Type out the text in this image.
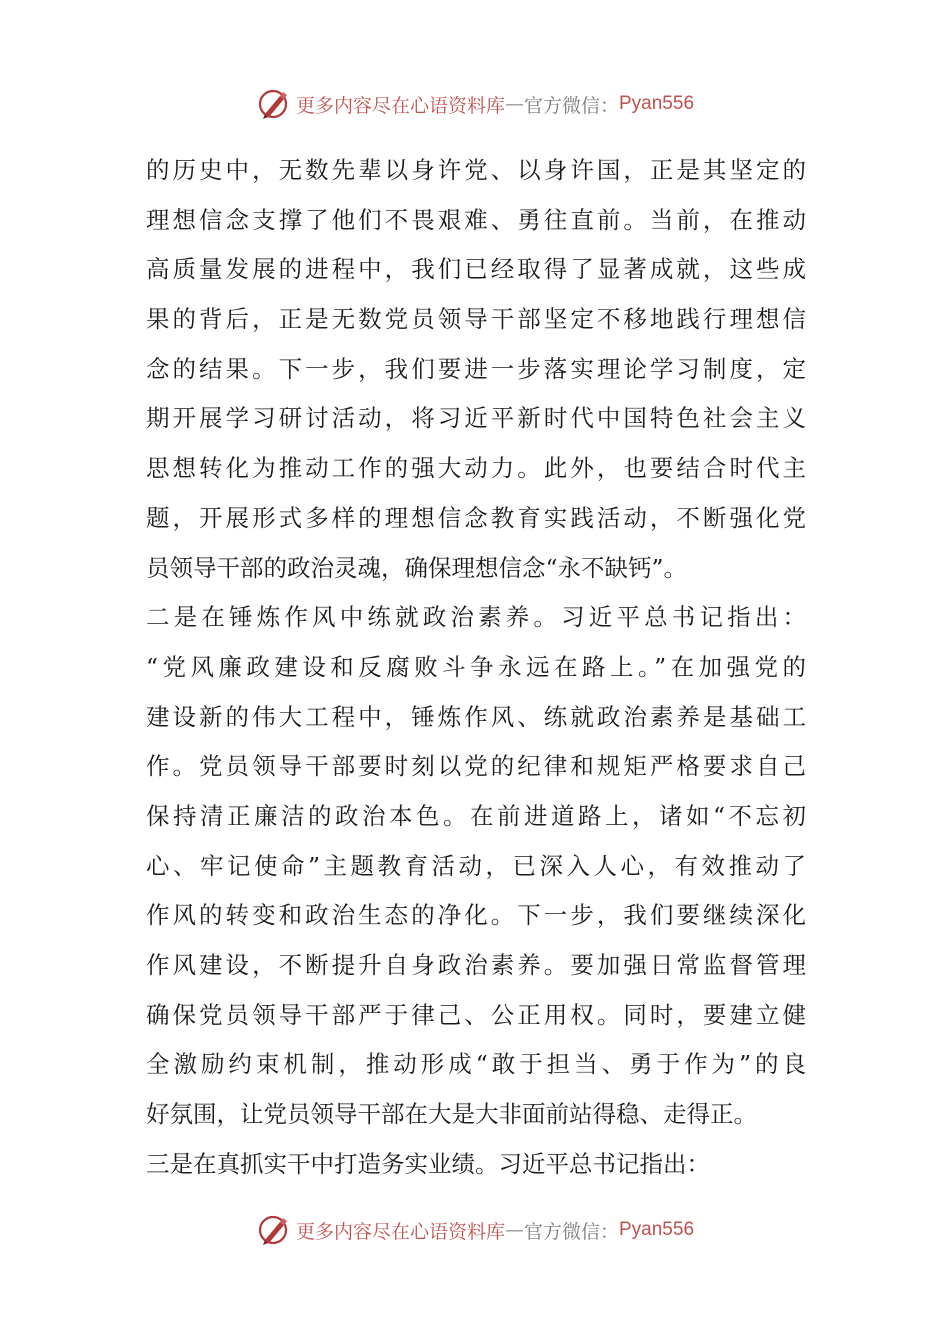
更多内容尽在心语资料库 — 官方微信： Pyan556
的历史中，无数先辈以身许党、以身许国，正是其坚定的
理想信念支撑了他们不畏艰难、勇往直前。当前，在推动
高质量发展的进程中，我们已经取得了显著成就，这些成
果的背后，正是无数党员领导干部坚定不移地践行理想信
念的结果。下一步，我们要进一步落实理论学习制度，定
期开展学习研讨活动，将习近平新时代中国特色社会主义
思想转化为推动工作的强大动力。此外，也要结合时代主
题，开展形式多样的理想信念教育实践活动，不断强化党
员领导干部的政治灵魂，确保理想信念“永不缺钙”。
二是在锤炼作风中练就政治素养。习近平总书记指出：
“党风廉政建设和反腐败斗争永远在路上。”在加强党的
建设新的伟大工程中，锤炼作风、练就政治素养是基础工
作。党员领导干部要时刻以党的纪律和规矩严格要求自己
保持清正廉洁的政治本色。在前进道路上，诸如“不忘初
心、牢记使命”主题教育活动，已深入人心，有效推动了
作风的转变和政治生态的净化。下一步，我们要继续深化
作风建设，不断提升自身政治素养。要加强日常监督管理
确保党员领导干部严于律己、公正用权。同时，要建立健
全激励约束机制，推动形成“敢于担当、勇于作为”的良
好氛围，让党员领导干部在大是大非面前站得稳、走得正。
三是在真抓实干中打造务实业绩。习近平总书记指出：
更多内容尽在心语资料库 — 官方微信： Pyan556
